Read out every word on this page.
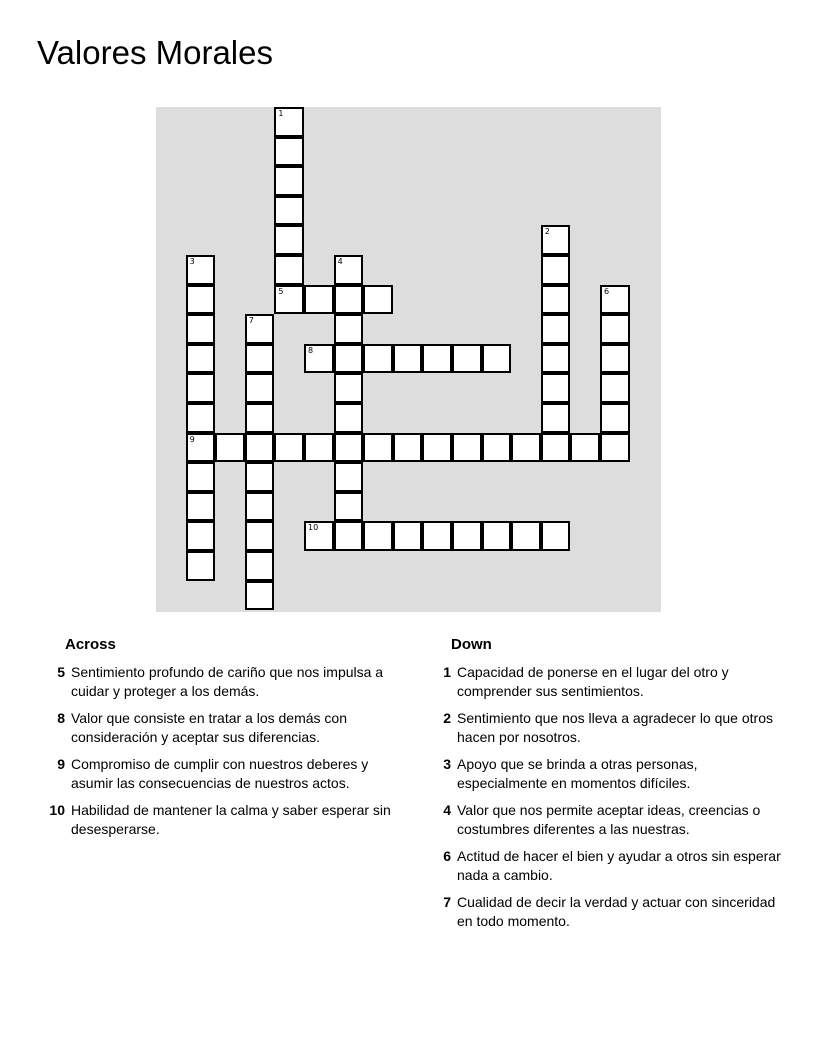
Valores Morales
1
5
2
3
9
4
6
7
8
10
Across
5 Sentimiento profundo de cariño que nos impulsa a cuidar y proteger a los demás.
8 Valor que consiste en tratar a los demás con consideración y aceptar sus diferencias.
9 Compromiso de cumplir con nuestros deberes y asumir las consecuencias de nuestros actos.
10 Habilidad de mantener la calma y saber esperar sin desesperarse.
Down
1 Capacidad de ponerse en el lugar del otro y comprender sus sentimientos.
2 Sentimiento que nos lleva a agradecer lo que otros hacen por nosotros.
3 Apoyo que se brinda a otras personas, especialmente en momentos difíciles.
4 Valor que nos permite aceptar ideas, creencias o costumbres diferentes a las nuestras.
6 Actitud de hacer el bien y ayudar a otros sin esperar nada a cambio.
7 Cualidad de decir la verdad y actuar con sinceridad en todo momento.
